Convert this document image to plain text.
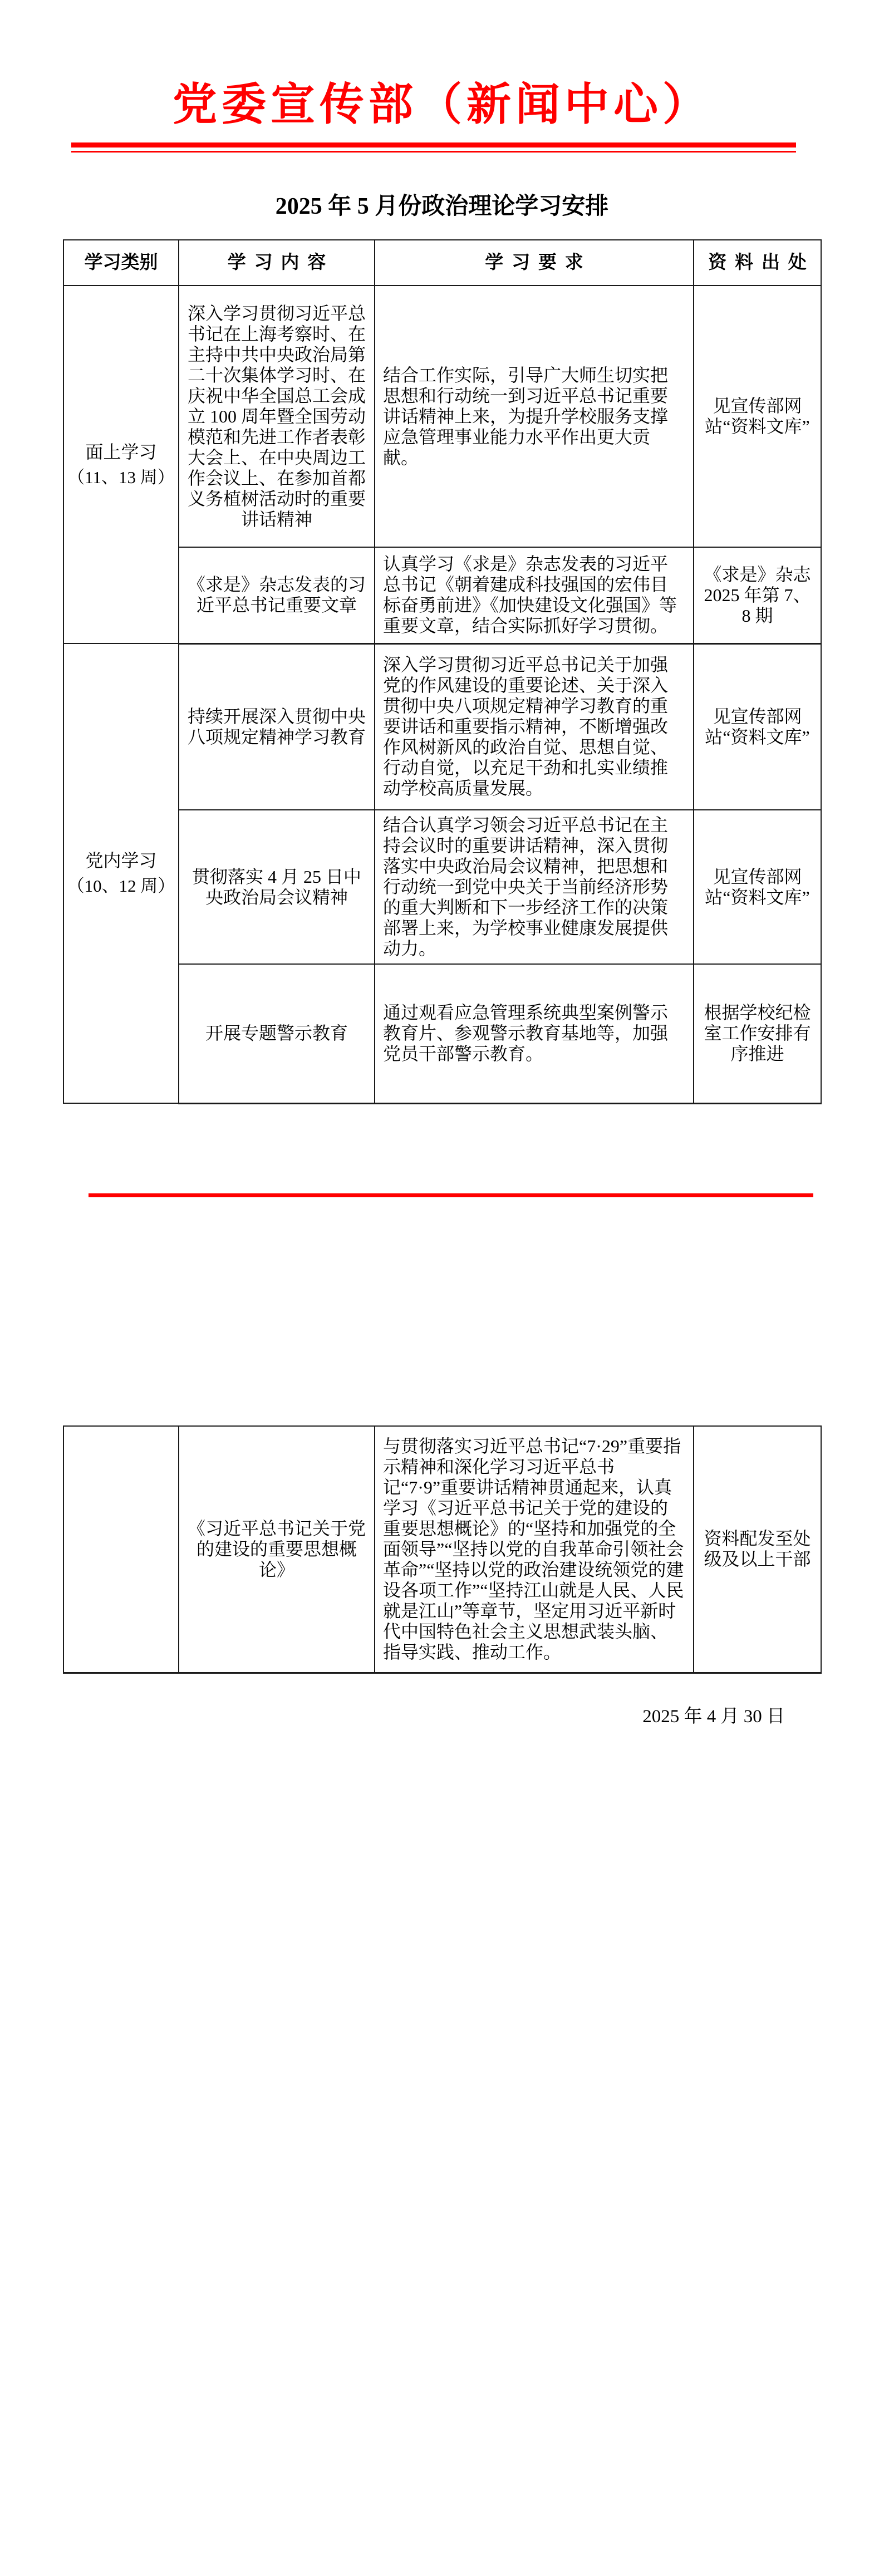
党委宣传部（新闻中心）
2025 年 5 月份政治理论学习安排
学习类别	学习内容	学习要求	资料出处

面上学习
（11、13 周）	深入学习贯彻习近平总书记在上海考察时、在主持中共中央政治局第二十次集体学习时、在庆祝中华全国总工会成立 100 周年暨全国劳动模范和先进工作者表彰大会上、在中央周边工作会议上、在参加首都义务植树活动时的重要讲话精神	结合工作实际，引导广大师生切实把思想和行动统一到习近平总书记重要讲话精神上来，为提升学校服务支撑应急管理事业能力水平作出更大贡献。	见宣传部网站“资料文库”
	《求是》杂志发表的习近平总书记重要文章	认真学习《求是》杂志发表的习近平总书记《朝着建成科技强国的宏伟目标奋勇前进》《加快建设文化强国》等重要文章，结合实际抓好学习贯彻。	《求是》杂志 2025 年第 7、8 期

党内学习
（10、12 周）	持续开展深入贯彻中央八项规定精神学习教育	深入学习贯彻习近平总书记关于加强党的作风建设的重要论述、关于深入贯彻中央八项规定精神学习教育的重要讲话和重要指示精神，不断增强改作风树新风的政治自觉、思想自觉、行动自觉，以充足干劲和扎实业绩推动学校高质量发展。	见宣传部网站“资料文库”
	贯彻落实 4 月 25 日中央政治局会议精神	结合认真学习领会习近平总书记在主持会议时的重要讲话精神，深入贯彻落实中央政治局会议精神，把思想和行动统一到党中央关于当前经济形势的重大判断和下一步经济工作的决策部署上来，为学校事业健康发展提供动力。	见宣传部网站“资料文库”
	开展专题警示教育	通过观看应急管理系统典型案例警示教育片、参观警示教育基地等，加强党员干部警示教育。	根据学校纪检室工作安排有序推进
	《习近平总书记关于党的建设的重要思想概论》	与贯彻落实习近平总书记“7·29”重要指示精神和深化学习习近平总书记“7·9”重要讲话精神贯通起来，认真学习《习近平总书记关于党的建设的重要思想概论》的“坚持和加强党的全面领导”“坚持以党的自我革命引领社会革命”“坚持以党的政治建设统领党的建设各项工作”“坚持江山就是人民、人民就是江山”等章节，坚定用习近平新时代中国特色社会主义思想武装头脑、指导实践、推动工作。	资料配发至处级及以上干部
2025 年 4 月 30 日
